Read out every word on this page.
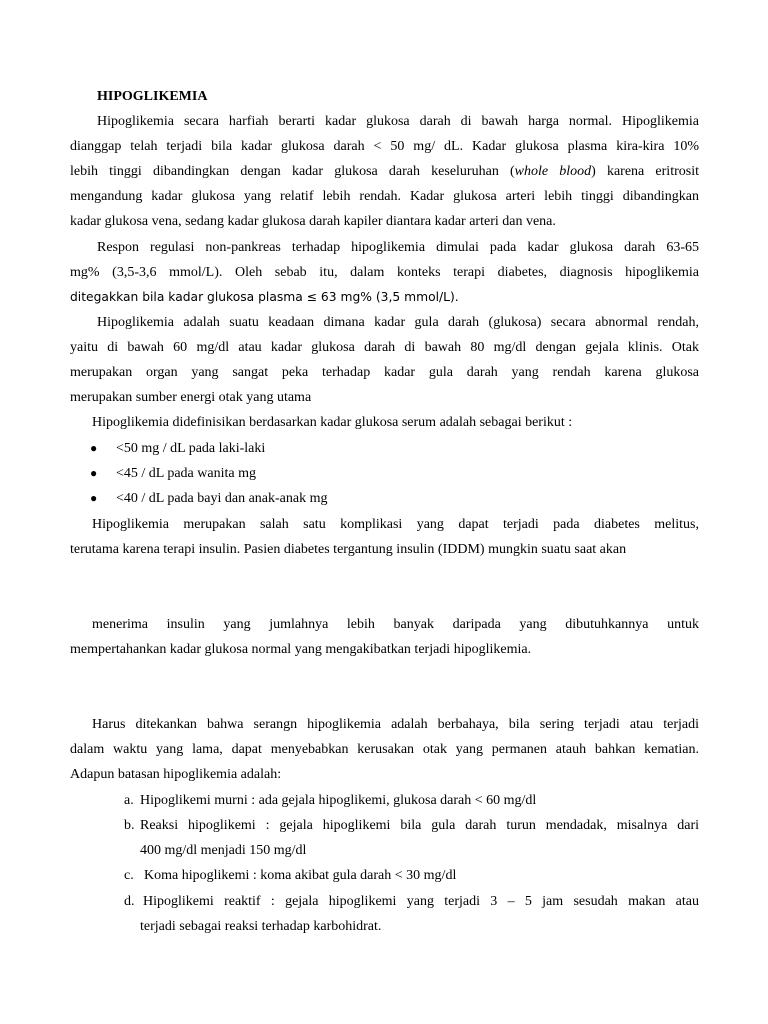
HIPOGLIKEMIA
Hipoglikemia secara harfiah berarti kadar glukosa darah di bawah harga normal. Hipoglikemia
dianggap telah terjadi bila kadar glukosa darah < 50 mg/ dL. Kadar glukosa plasma kira-kira 10%
lebih tinggi dibandingkan dengan kadar glukosa darah keseluruhan (whole blood) karena eritrosit
mengandung kadar glukosa yang relatif lebih rendah. Kadar glukosa arteri lebih tinggi dibandingkan
kadar glukosa vena, sedang kadar glukosa darah kapiler diantara kadar arteri dan vena.
Respon regulasi non-pankreas terhadap hipoglikemia dimulai pada kadar glukosa darah 63-65
mg% (3,5-3,6 mmol/L). Oleh sebab itu, dalam konteks terapi diabetes, diagnosis hipoglikemia
ditegakkan bila kadar glukosa plasma ≤ 63 mg% (3,5 mmol/L).
Hipoglikemia adalah suatu keadaan dimana kadar gula darah (glukosa) secara abnormal rendah,
yaitu di bawah 60 mg/dl atau kadar glukosa darah di bawah 80 mg/dl dengan gejala klinis. Otak
merupakan organ yang sangat peka terhadap kadar gula darah yang rendah karena glukosa
merupakan sumber energi otak yang utama
Hipoglikemia didefinisikan berdasarkan kadar glukosa serum adalah sebagai berikut :
● <50 mg / dL pada laki-laki
● <45 / dL pada wanita mg
● <40 / dL pada bayi dan anak-anak mg
Hipoglikemia merupakan salah satu komplikasi yang dapat terjadi pada diabetes melitus,
terutama karena terapi insulin. Pasien diabetes tergantung insulin (IDDM) mungkin suatu saat akan
menerima insulin yang jumlahnya lebih banyak daripada yang dibutuhkannya untuk
mempertahankan kadar glukosa normal yang mengakibatkan terjadi hipoglikemia.
Harus ditekankan bahwa serangn hipoglikemia adalah berbahaya, bila sering terjadi atau terjadi
dalam waktu yang lama, dapat menyebabkan kerusakan otak yang permanen atauh bahkan kematian.
Adapun batasan hipoglikemia adalah:
a. Hipoglikemi murni : ada gejala hipoglikemi, glukosa darah < 60 mg/dl
b. Reaksi hipoglikemi : gejala hipoglikemi bila gula darah turun mendadak, misalnya dari
400 mg/dl menjadi 150 mg/dl
c. Koma hipoglikemi : koma akibat gula darah < 30 mg/dl
d. Hipoglikemi reaktif : gejala hipoglikemi yang terjadi 3 – 5 jam sesudah makan atau
terjadi sebagai reaksi terhadap karbohidrat.
